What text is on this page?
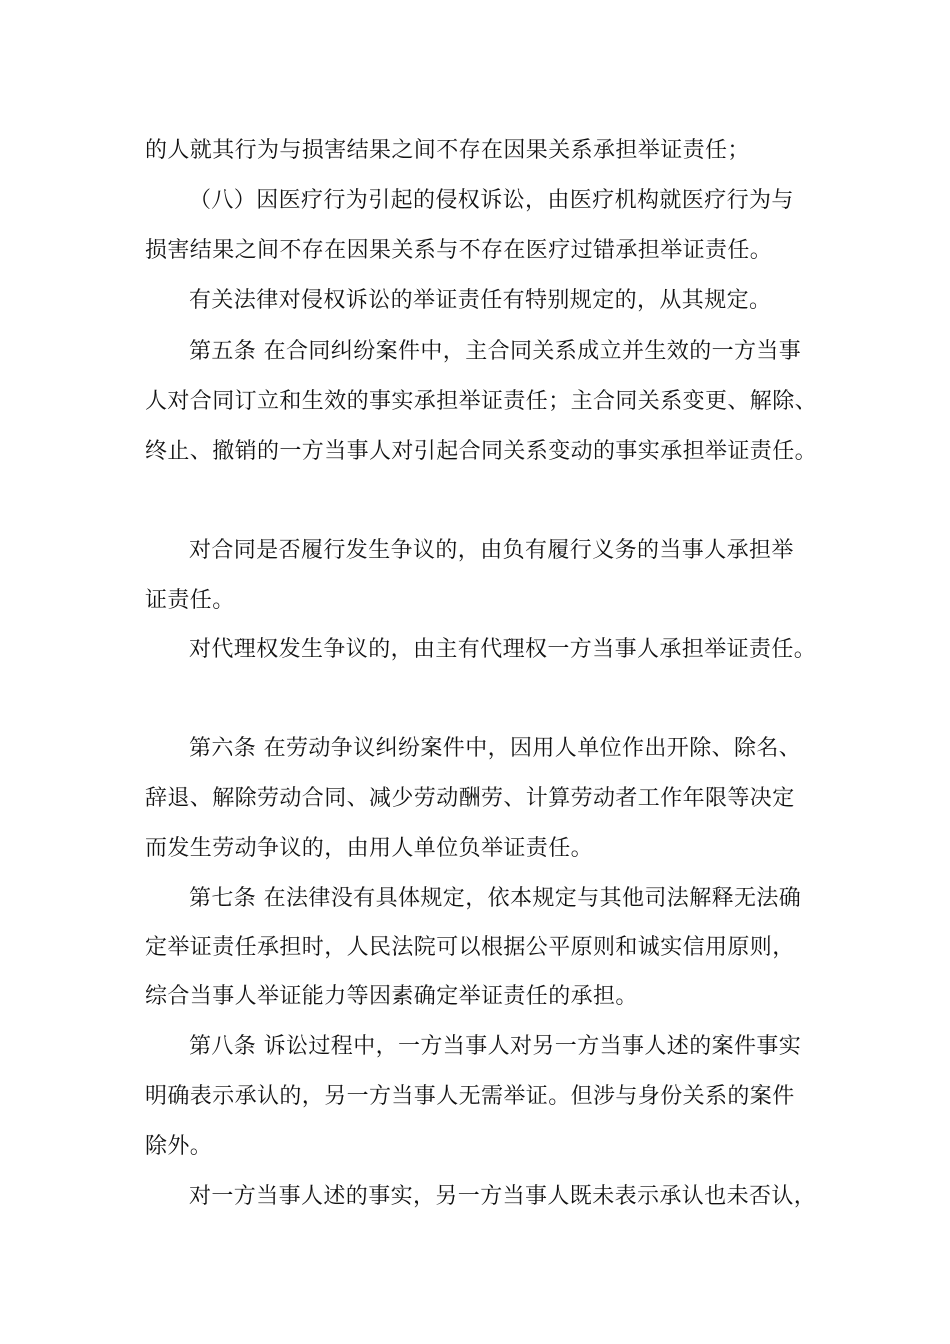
的人就其行为与损害结果之间不存在因果关系承担举证责任；
（八）因医疗行为引起的侵权诉讼，由医疗机构就医疗行为与
损害结果之间不存在因果关系与不存在医疗过错承担举证责任。
有关法律对侵权诉讼的举证责任有特别规定的，从其规定。
第五条 在合同纠纷案件中，主合同关系成立并生效的一方当事
人对合同订立和生效的事实承担举证责任；主合同关系变更、解除、
终止、撤销的一方当事人对引起合同关系变动的事实承担举证责任。
对合同是否履行发生争议的，由负有履行义务的当事人承担举
证责任。
对代理权发生争议的，由主有代理权一方当事人承担举证责任。
第六条 在劳动争议纠纷案件中，因用人单位作出开除、除名、
辞退、解除劳动合同、减少劳动酬劳、计算劳动者工作年限等决定
而发生劳动争议的，由用人单位负举证责任。
第七条 在法律没有具体规定，依本规定与其他司法解释无法确
定举证责任承担时，人民法院可以根据公平原则和诚实信用原则，
综合当事人举证能力等因素确定举证责任的承担。
第八条 诉讼过程中，一方当事人对另一方当事人述的案件事实
明确表示承认的，另一方当事人无需举证。但涉与身份关系的案件
除外。
对一方当事人述的事实，另一方当事人既未表示承认也未否认，
